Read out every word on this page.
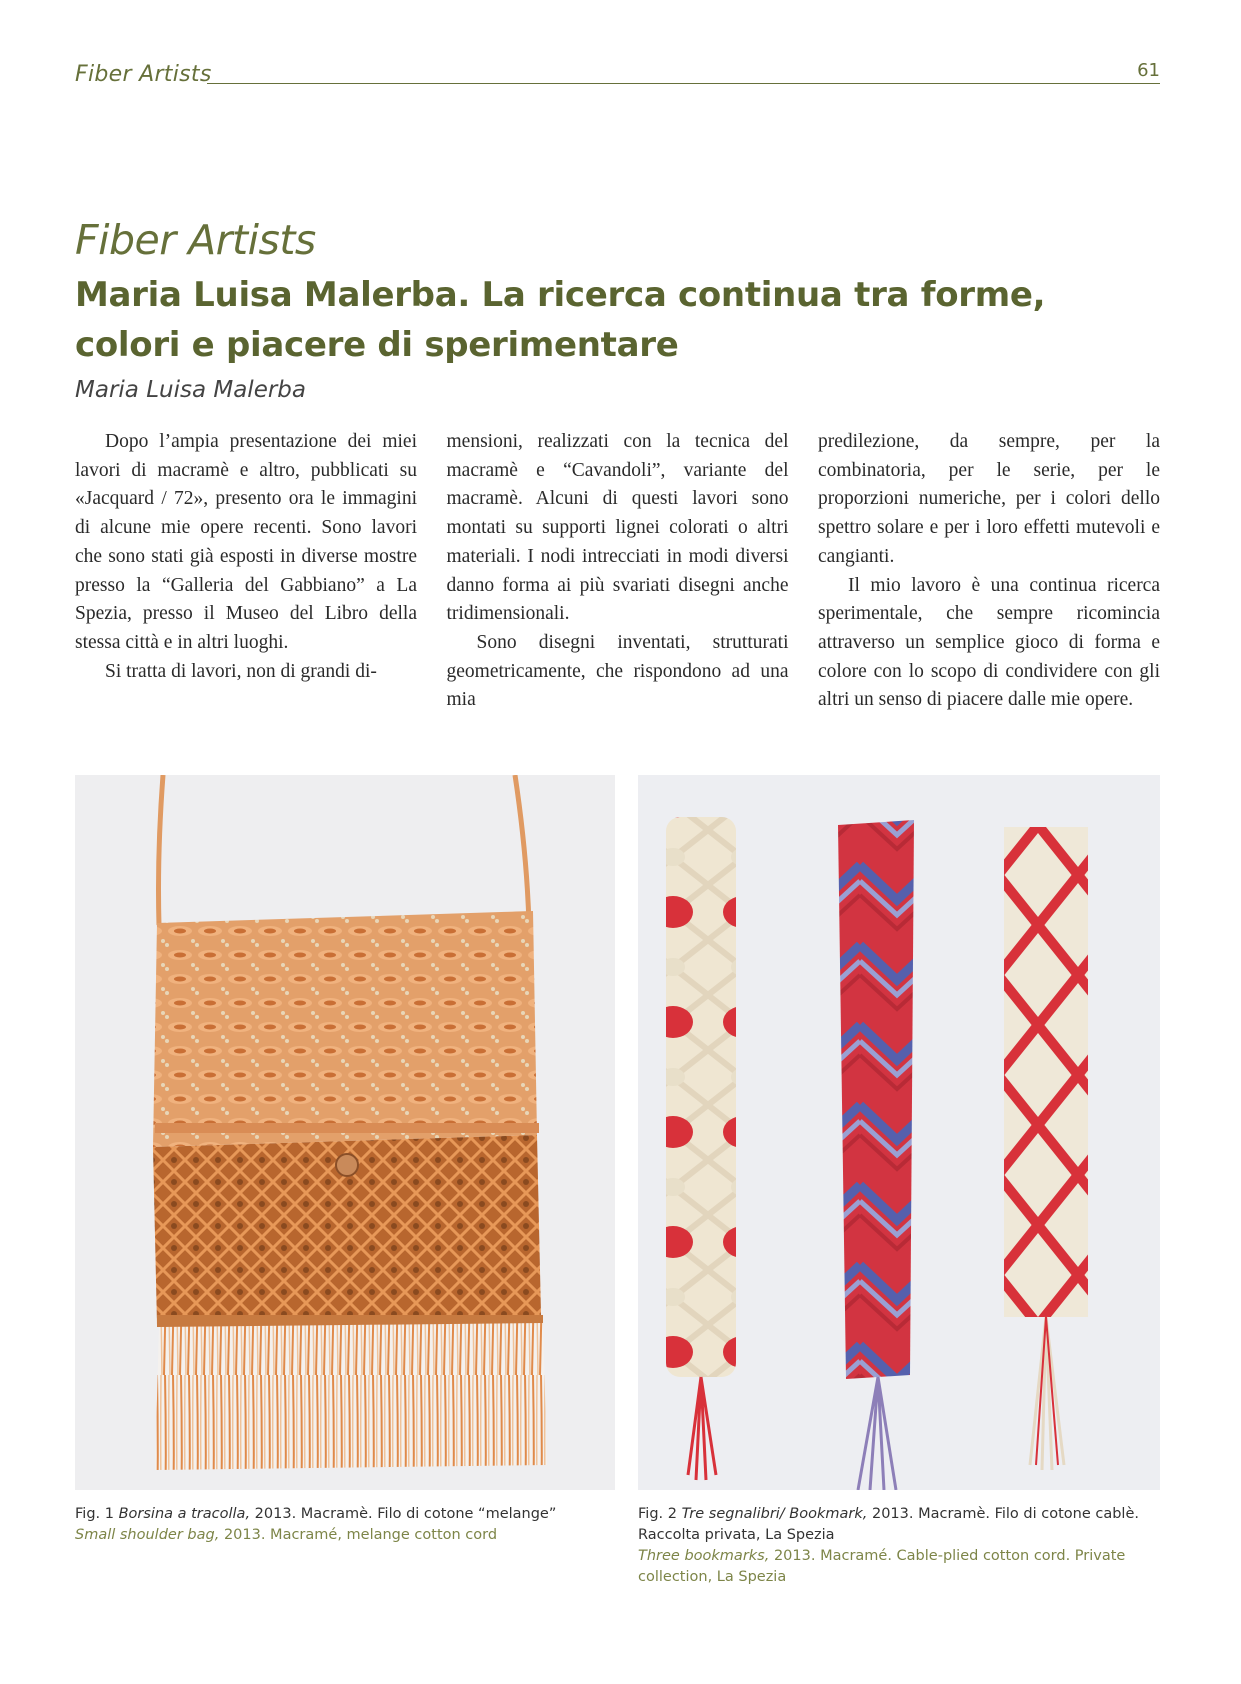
Fiber Artists	61
Fiber Artists
Maria Luisa Malerba. La ricerca continua tra forme, colori e piacere di sperimentare
Maria Luisa Malerba

Dopo l’ampia presentazione dei miei lavori di macramè e altro, pubblicati su «Jacquard / 72», presento ora le immagini di alcune mie opere recenti. Sono lavori che sono stati già esposti in diverse mostre presso la “Galleria del Gabbiano” a La Spezia, presso il Museo del Libro della stessa città e in altri luoghi.

Si tratta di lavori, non di grandi di-

mensioni, realizzati con la tecnica del macramè e “Cavandoli”, variante del macramè. Alcuni di questi lavori sono montati su supporti lignei colorati o altri materiali. I nodi intrecciati in modi diversi danno forma ai più svariati disegni anche tridimensionali.

Sono disegni inventati, strutturati geometricamente, che rispondono ad una mia

predilezione, da sempre, per la combinatoria, per le serie, per le proporzioni numeriche, per i colori dello spettro solare e per i loro effetti mutevoli e cangianti.

Il mio lavoro è una continua ricerca sperimentale, che sempre ricomincia attraverso un semplice gioco di forma e colore con lo scopo di condividere con gli altri un senso di piacere dalle mie opere.

Fig. 1 Borsina a tracolla, 2013. Macramè. Filo di cotone “melange”
Small shoulder bag, 2013. Macramé, melange cotton cord
Fig. 2 Tre segnalibri/ Bookmark, 2013. Macramè. Filo di cotone cablè. Raccolta privata, La Spezia
Three bookmarks, 2013. Macramé. Cable-plied cotton cord. Private collection, La Spezia
